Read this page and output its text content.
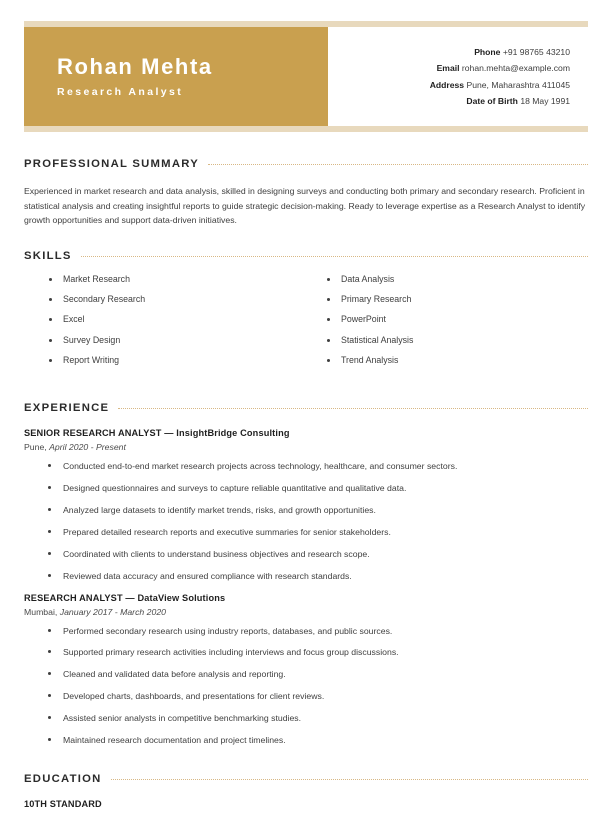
Rohan Mehta
Research Analyst
Phone +91 98765 43210
Email rohan.mehta@example.com
Address Pune, Maharashtra 411045
Date of Birth 18 May 1991
PROFESSIONAL SUMMARY
Experienced in market research and data analysis, skilled in designing surveys and conducting both primary and secondary research. Proficient in statistical analysis and creating insightful reports to guide strategic decision-making. Ready to leverage expertise as a Research Analyst to identify growth opportunities and support data-driven initiatives.
SKILLS
Market Research
Secondary Research
Excel
Survey Design
Report Writing
Data Analysis
Primary Research
PowerPoint
Statistical Analysis
Trend Analysis
EXPERIENCE
SENIOR RESEARCH ANALYST — InsightBridge Consulting
Pune, April 2020 - Present
Conducted end-to-end market research projects across technology, healthcare, and consumer sectors.
Designed questionnaires and surveys to capture reliable quantitative and qualitative data.
Analyzed large datasets to identify market trends, risks, and growth opportunities.
Prepared detailed research reports and executive summaries for senior stakeholders.
Coordinated with clients to understand business objectives and research scope.
Reviewed data accuracy and ensured compliance with research standards.
RESEARCH ANALYST — DataView Solutions
Mumbai, January 2017 - March 2020
Performed secondary research using industry reports, databases, and public sources.
Supported primary research activities including interviews and focus group discussions.
Cleaned and validated data before analysis and reporting.
Developed charts, dashboards, and presentations for client reviews.
Assisted senior analysts in competitive benchmarking studies.
Maintained research documentation and project timelines.
EDUCATION
10TH STANDARD
